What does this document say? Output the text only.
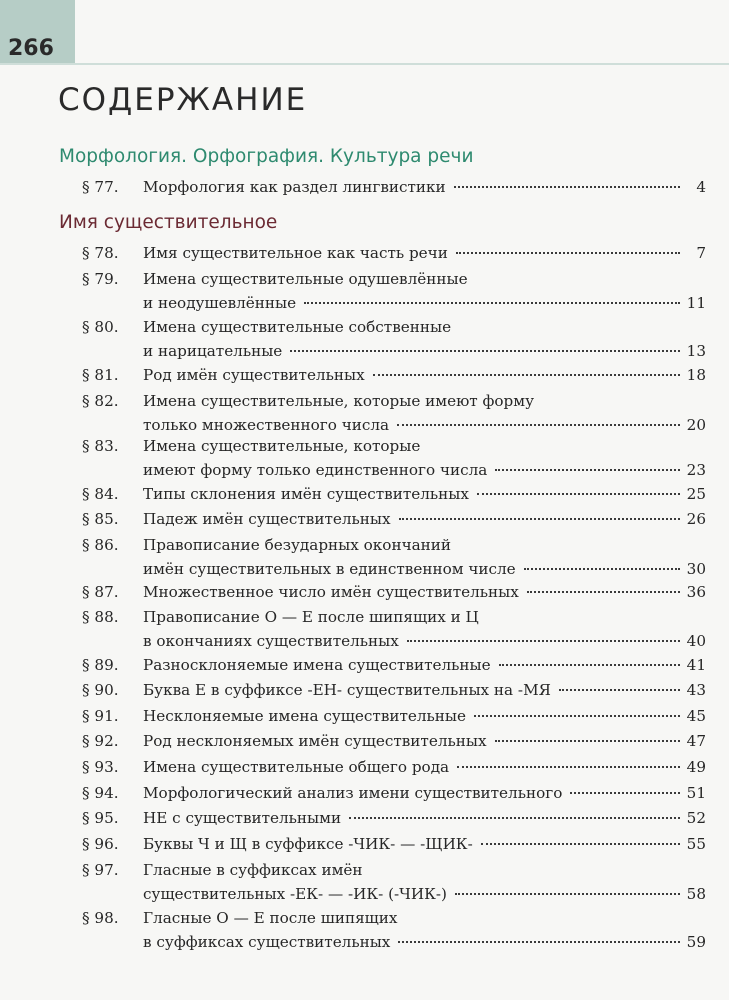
266
СОДЕРЖАНИЕ
Морфология. Орфография. Культура речи
§ 77. Морфология как раздел лингвистики	4
Имя существительное
§ 78. Имя существительное как часть речи	7
§ 79. Имена существительные одушевлённые
и неодушевлённые	11
§ 80. Имена существительные собственные
и нарицательные	13
§ 81. Род имён существительных	18
§ 82. Имена существительные, которые имеют форму
только множественного числа	20
§ 83. Имена существительные, которые
имеют форму только единственного числа	23
§ 84. Типы склонения имён существительных	25
§ 85. Падеж имён существительных	26
§ 86. Правописание безударных окончаний
имён существительных в единственном числе	30
§ 87. Множественное число имён существительных	36
§ 88. Правописание О — Е после шипящих и Ц
в окончаниях существительных	40
§ 89. Разносклоняемые имена существительные	41
§ 90. Буква Е в суффиксе -ЕН- существительных на -МЯ	43
§ 91. Несклоняемые имена существительные	45
§ 92. Род несклоняемых имён существительных	47
§ 93. Имена существительные общего рода	49
§ 94. Морфологический анализ имени существительного	51
§ 95. НЕ с существительными	52
§ 96. Буквы Ч и Щ в суффиксе -ЧИК- — -ЩИК-	55
§ 97. Гласные в суффиксах имён
существительных -ЕК- — -ИК- (-ЧИК-)	58
§ 98. Гласные О — Е после шипящих
в суффиксах существительных	59
